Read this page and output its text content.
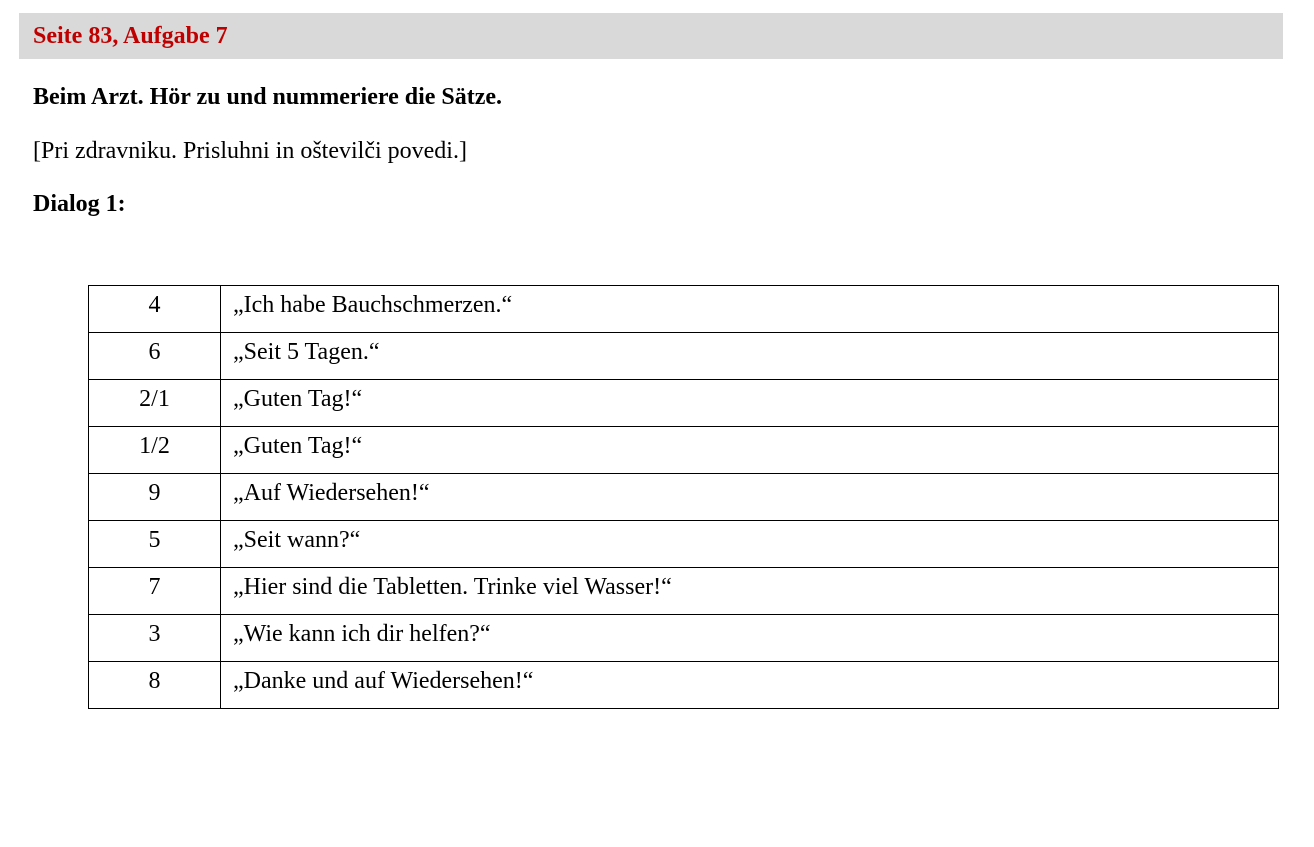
Seite 83, Aufgabe 7
Beim Arzt. Hör zu und nummeriere die Sätze.
[Pri zdravniku. Prisluhni in oštevilči povedi.]
Dialog 1:
4	„Ich habe Bauchschmerzen.“
6	„Seit 5 Tagen.“
2/1	„Guten Tag!“
1/2	„Guten Tag!“
9	„Auf Wiedersehen!“
5	„Seit wann?“
7	„Hier sind die Tabletten. Trinke viel Wasser!“
3	„Wie kann ich dir helfen?“
8	„Danke und auf Wiedersehen!“
